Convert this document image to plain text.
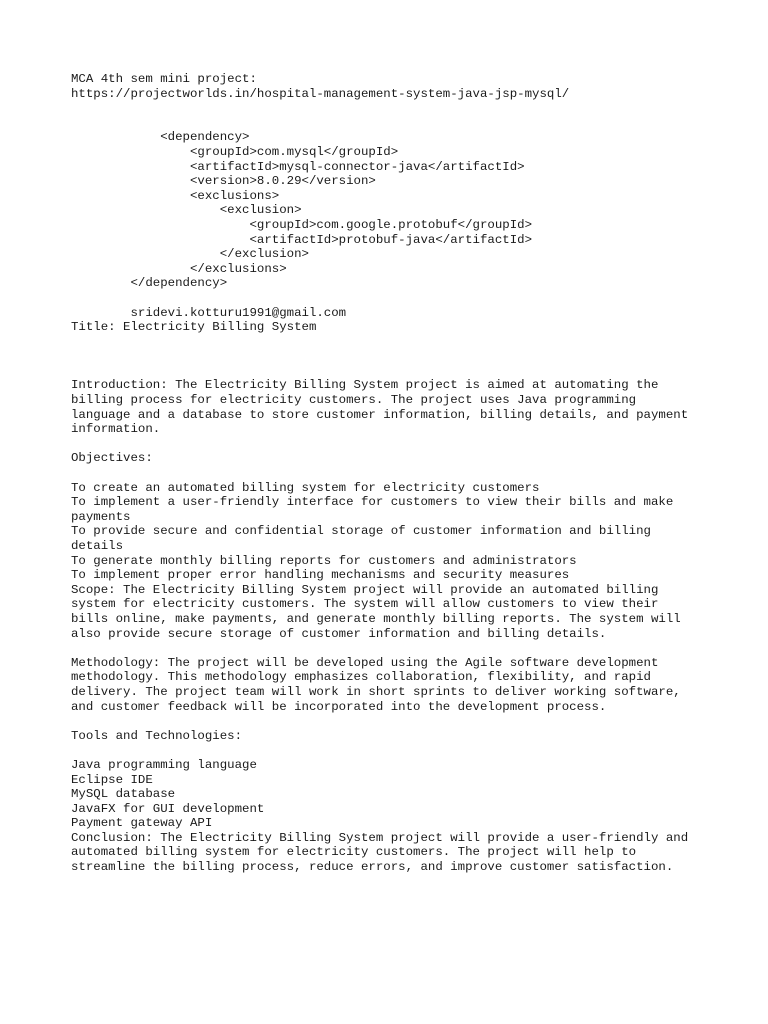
MCA 4th sem mini project:
https://projectworlds.in/hospital-management-system-java-jsp-mysql/
<dependency>
<groupId>com.mysql</groupId>
<artifactId>mysql-connector-java</artifactId>
<version>8.0.29</version>
<exclusions>
<exclusion>
<groupId>com.google.protobuf</groupId>
<artifactId>protobuf-java</artifactId>
</exclusion>
</exclusions>
</dependency>
sridevi.kotturu1991@gmail.com
Title: Electricity Billing System
Introduction: The Electricity Billing System project is aimed at automating the
billing process for electricity customers. The project uses Java programming
language and a database to store customer information, billing details, and payment
information.
Objectives:
To create an automated billing system for electricity customers
To implement a user-friendly interface for customers to view their bills and make
payments
To provide secure and confidential storage of customer information and billing
details
To generate monthly billing reports for customers and administrators
To implement proper error handling mechanisms and security measures
Scope: The Electricity Billing System project will provide an automated billing
system for electricity customers. The system will allow customers to view their
bills online, make payments, and generate monthly billing reports. The system will
also provide secure storage of customer information and billing details.
Methodology: The project will be developed using the Agile software development
methodology. This methodology emphasizes collaboration, flexibility, and rapid
delivery. The project team will work in short sprints to deliver working software,
and customer feedback will be incorporated into the development process.
Tools and Technologies:
Java programming language
Eclipse IDE
MySQL database
JavaFX for GUI development
Payment gateway API
Conclusion: The Electricity Billing System project will provide a user-friendly and
automated billing system for electricity customers. The project will help to
streamline the billing process, reduce errors, and improve customer satisfaction.
